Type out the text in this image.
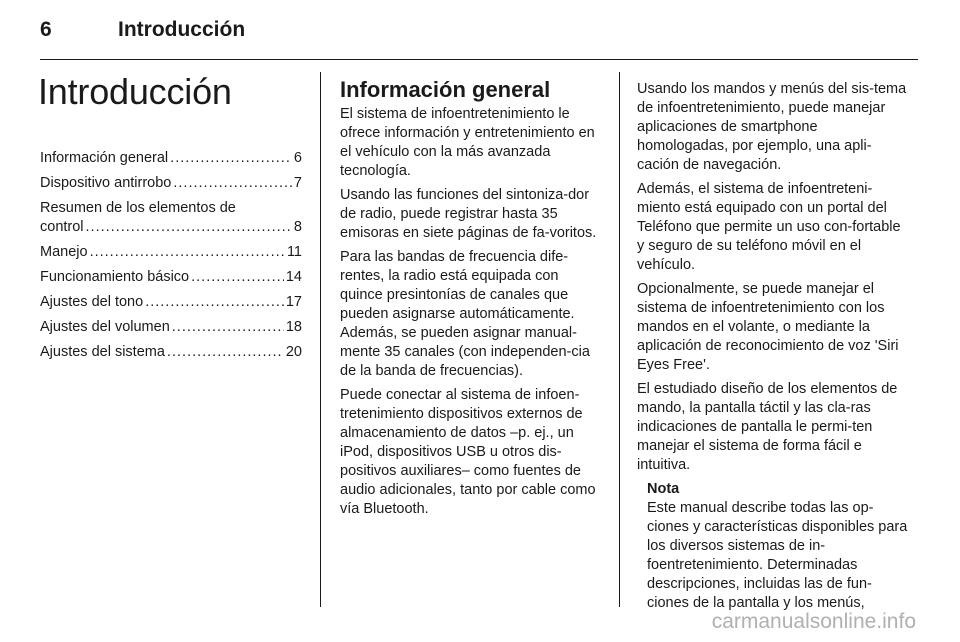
6	Introducción
Introducción
Información general .....	6
Dispositivo antirrobo .....	7
Resumen de los elementos de
control .....	8
Manejo .....	11
Funcionamiento básico .....	14
Ajustes del tono .....	17
Ajustes del volumen .....	18
Ajustes del sistema .....	20
Información general

El sistema de infoentretenimiento le ofrece información y entretenimiento en el vehículo con la más avanzada tecnología.

Usando las funciones del sintoniza-dor de radio, puede registrar hasta 35 emisoras en siete páginas de fa-voritos.

Para las bandas de frecuencia dife-rentes, la radio está equipada con quince presintonías de canales que pueden asignarse automáticamente. Además, se pueden asignar manual-mente 35 canales (con independen-cia de la banda de frecuencias).

Puede conectar al sistema de infoen-tretenimiento dispositivos externos de almacenamiento de datos –p. ej., un iPod, dispositivos USB u otros dis-positivos auxiliares– como fuentes de audio adicionales, tanto por cable como vía Bluetooth.

Usando los mandos y menús del sis-tema de infoentretenimiento, puede manejar aplicaciones de smartphone homologadas, por ejemplo, una apli-cación de navegación.

Además, el sistema de infoentreteni-miento está equipado con un portal del Teléfono que permite un uso con-fortable y seguro de su teléfono móvil en el vehículo.

Opcionalmente, se puede manejar el sistema de infoentretenimiento con los mandos en el volante, o mediante la aplicación de reconocimiento de voz 'Siri Eyes Free'.

El estudiado diseño de los elementos de mando, la pantalla táctil y las cla-ras indicaciones de pantalla le permi-ten manejar el sistema de forma fácil e intuitiva.

Nota

Este manual describe todas las op-ciones y características disponibles para los diversos sistemas de in-foentretenimiento. Determinadas descripciones, incluidas las de fun-ciones de la pantalla y los menús,

carmanualsonline.info
